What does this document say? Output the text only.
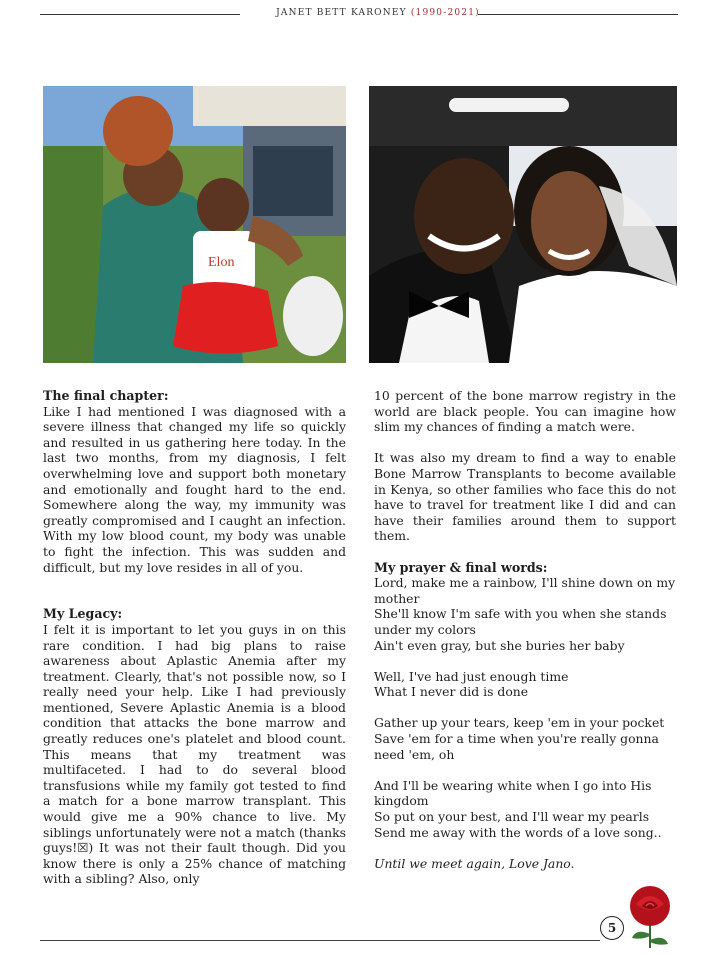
JANET BETT KARONEY (1990-2021)
Elon
The final chapter:

Like I had mentioned I was diagnosed with a severe illness that changed my life so quickly and resulted in us gathering here today. In the last two months, from my diagnosis, I felt overwhelming love and support both monetary and emotionally and fought hard to the end. Somewhere along the way, my immunity was greatly compromised and I caught an infection. With my low blood count, my body was unable to fight the infection. This was sudden and difficult, but my love resides in all of you.

My Legacy:

I felt it is important to let you guys in on this rare condition. I had big plans to raise awareness about Aplastic Anemia after my treatment. Clearly, that's not possible now, so I really need your help. Like I had previously mentioned, Severe Aplastic Anemia is a blood condition that attacks the bone marrow and greatly reduces one's platelet and blood count. This means that my treatment was multifaceted. I had to do several blood transfusions while my family got tested to find a match for a bone marrow transplant. This would give me a 90% chance to live. My siblings unfortunately were not a match (thanks guys!☒) It was not their fault though. Did you know there is only a 25% chance of matching with a sibling? Also, only

10 percent of the bone marrow registry in the world are black people. You can imagine how slim my chances of finding a match were.

It was also my dream to find a way to enable Bone Marrow Transplants to become available in Kenya, so other families who face this do not have to travel for treatment like I did and can have their families around them to support them.

My prayer & final words:
Lord, make me a rainbow, I'll shine down on my mother
She'll know I'm safe with you when she stands under my colors
Ain't even gray, but she buries her baby
Well, I've had just enough time
What I never did is done
Gather up your tears, keep 'em in your pocket
Save 'em for a time when you're really gonna need 'em, oh
And I'll be wearing white when I go into His kingdom
So put on your best, and I'll wear my pearls
Send me away with the words of a love song..
Until we meet again, Love Jano.
5
